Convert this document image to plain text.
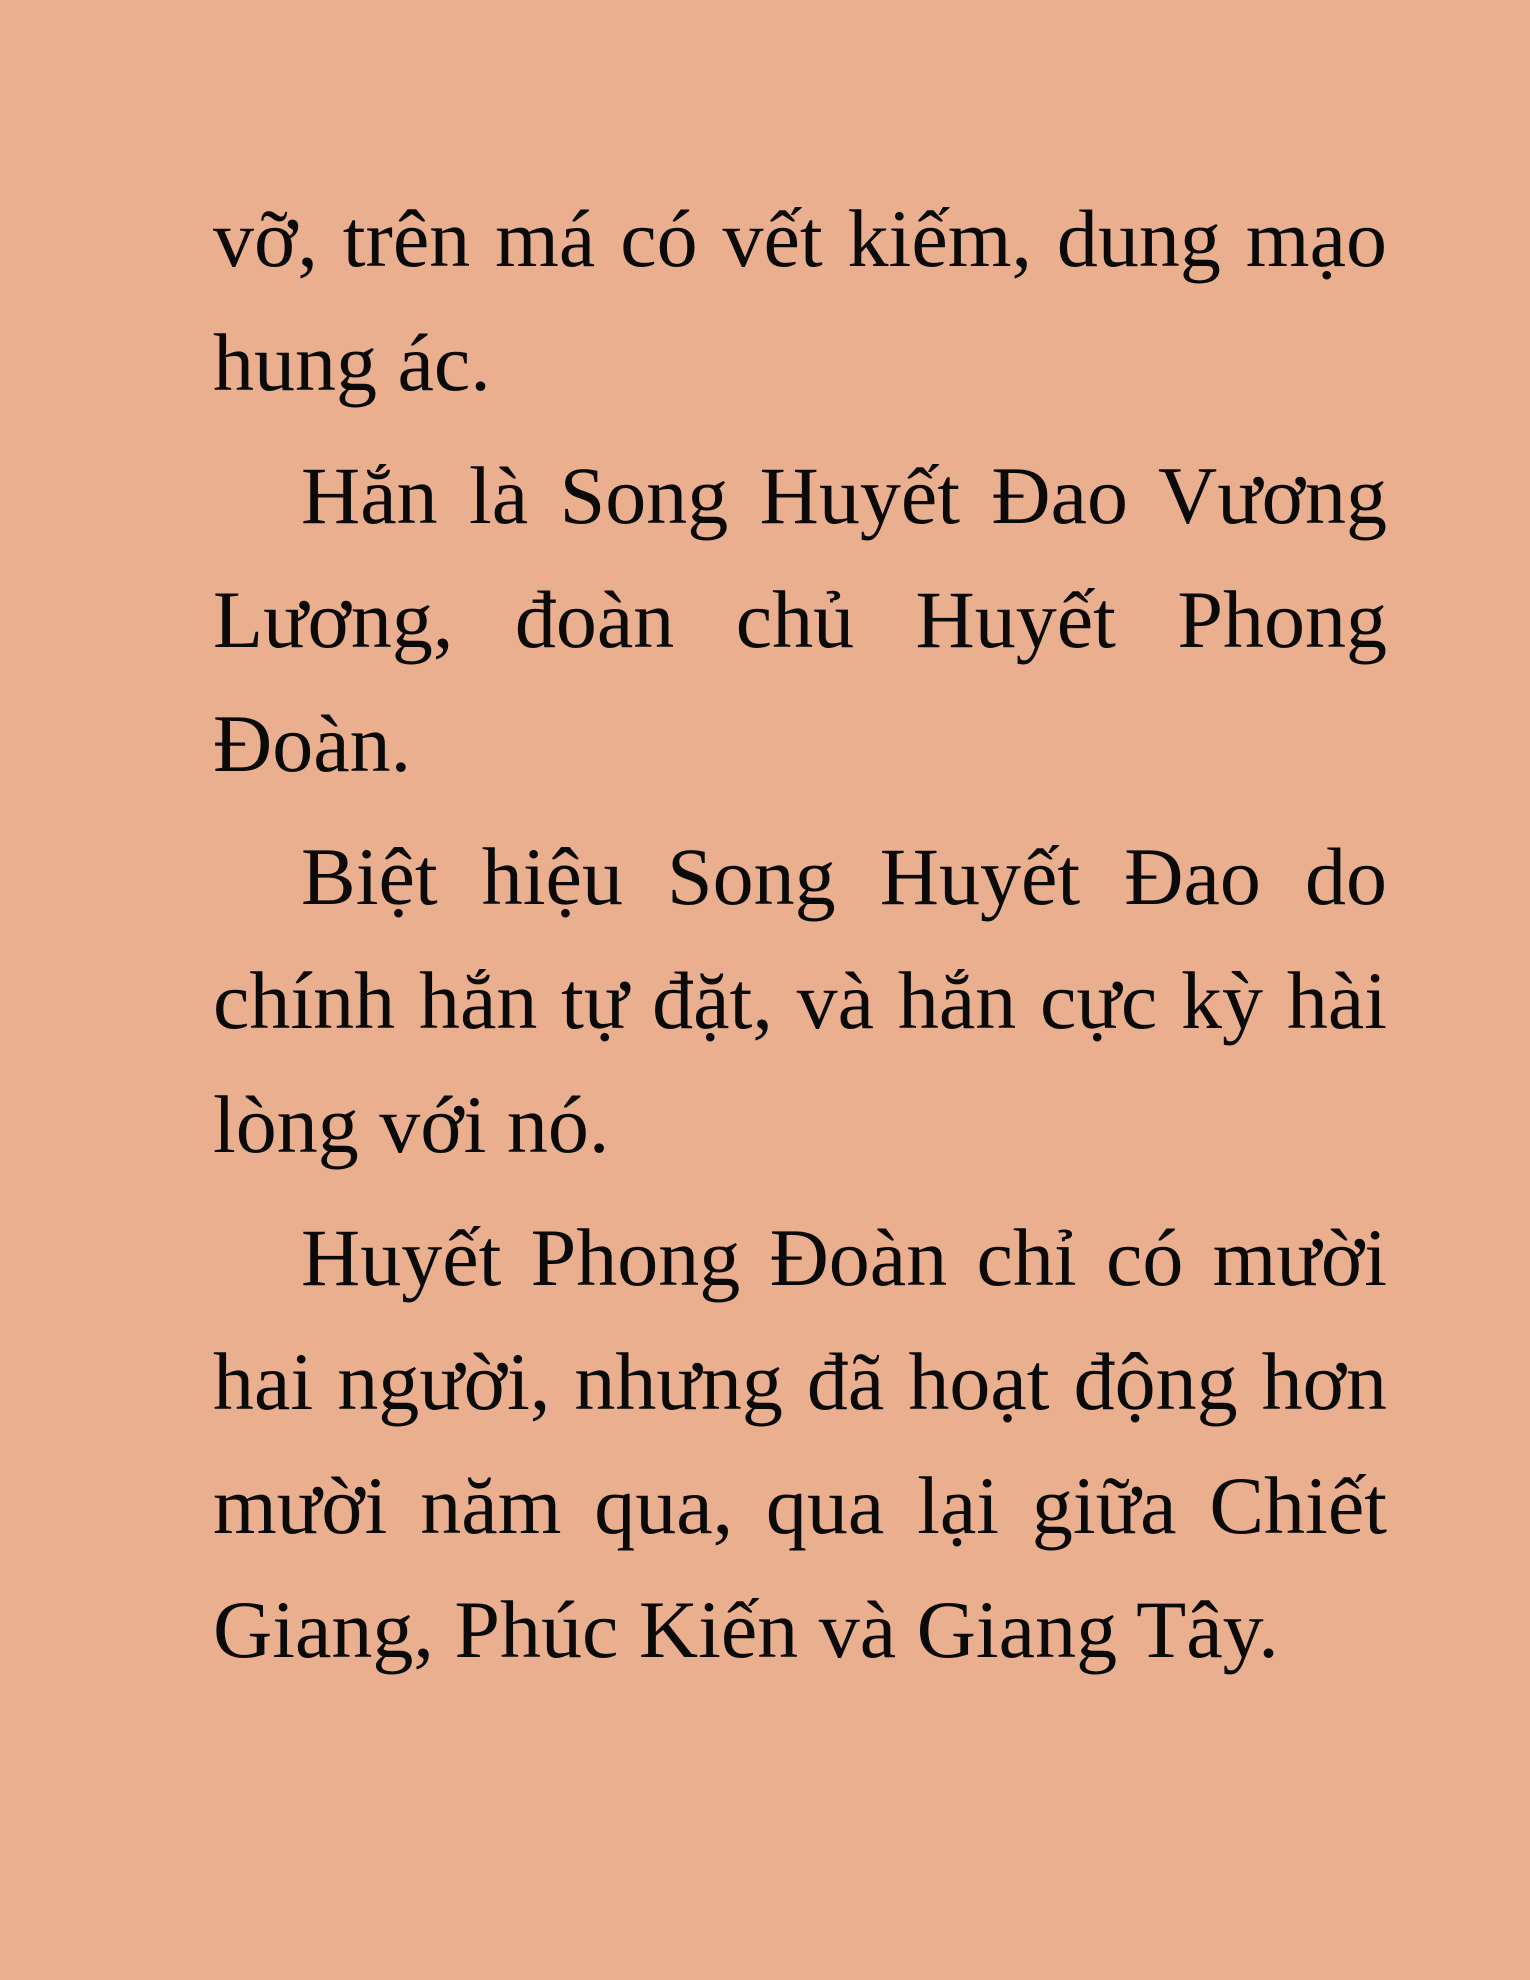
vỡ, trên má có vết kiếm, dung mạo hung ác.

Hắn là Song Huyết Đao Vương Lương, đoàn chủ Huyết Phong Đoàn.

Biệt hiệu Song Huyết Đao do chính hắn tự đặt, và hắn cực kỳ hài lòng với nó.

Huyết Phong Đoàn chỉ có mười hai người, nhưng đã hoạt động hơn mười năm qua, qua lại giữa Chiết Giang, Phúc Kiến và Giang Tây.
